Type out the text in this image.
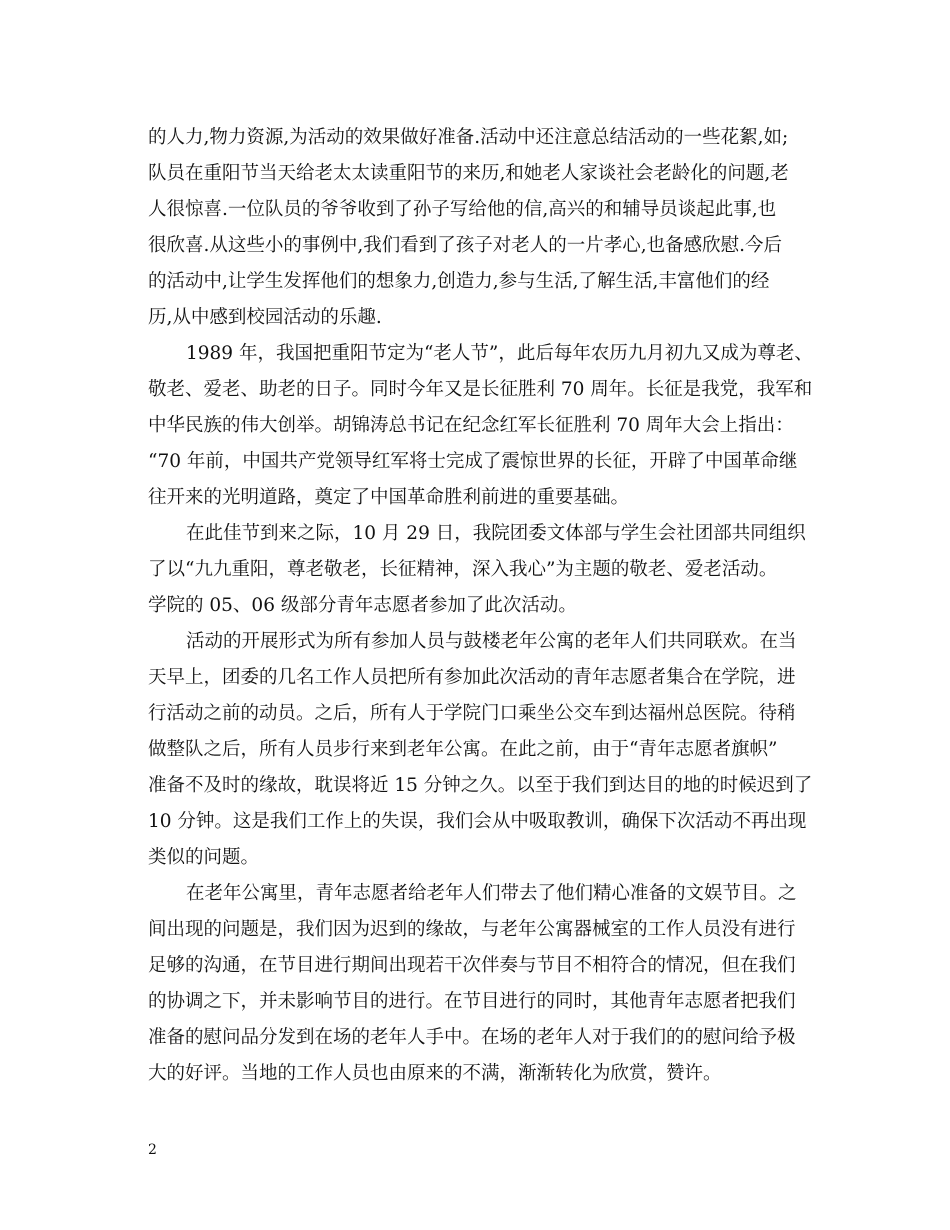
的人力,物力资源,为活动的效果做好准备.活动中还注意总结活动的一些花絮,如;
队员在重阳节当天给老太太读重阳节的来历,和她老人家谈社会老龄化的问题,老
人很惊喜.一位队员的爷爷收到了孙子写给他的信,高兴的和辅导员谈起此事,也
很欣喜.从这些小的事例中,我们看到了孩子对老人的一片孝心,也备感欣慰.今后
的活动中,让学生发挥他们的想象力,创造力,参与生活,了解生活,丰富他们的经
历,从中感到校园活动的乐趣.
1989 年，我国把重阳节定为“老人节”，此后每年农历九月初九又成为尊老、
敬老、爱老、助老的日子。同时今年又是长征胜利 70 周年。长征是我党，我军和
中华民族的伟大创举。胡锦涛总书记在纪念红军长征胜利 70 周年大会上指出：
“70 年前，中国共产党领导红军将士完成了震惊世界的长征，开辟了中国革命继
往开来的光明道路，奠定了中国革命胜利前进的重要基础。
在此佳节到来之际，10 月 29 日，我院团委文体部与学生会社团部共同组织
了以“九九重阳，尊老敬老，长征精神，深入我心”为主题的敬老、爱老活动。
学院的 05、06 级部分青年志愿者参加了此次活动。
活动的开展形式为所有参加人员与鼓楼老年公寓的老年人们共同联欢。在当
天早上，团委的几名工作人员把所有参加此次活动的青年志愿者集合在学院，进
行活动之前的动员。之后，所有人于学院门口乘坐公交车到达福州总医院。待稍
做整队之后，所有人员步行来到老年公寓。在此之前，由于“青年志愿者旗帜”
准备不及时的缘故，耽误将近 15 分钟之久。以至于我们到达目的地的时候迟到了
10 分钟。这是我们工作上的失误，我们会从中吸取教训，确保下次活动不再出现
类似的问题。
在老年公寓里，青年志愿者给老年人们带去了他们精心准备的文娱节目。之
间出现的问题是，我们因为迟到的缘故，与老年公寓器械室的工作人员没有进行
足够的沟通，在节目进行期间出现若干次伴奏与节目不相符合的情况，但在我们
的协调之下，并未影响节目的进行。在节目进行的同时，其他青年志愿者把我们
准备的慰问品分发到在场的老年人手中。在场的老年人对于我们的的慰问给予极
大的好评。当地的工作人员也由原来的不满，渐渐转化为欣赏，赞许。
2
